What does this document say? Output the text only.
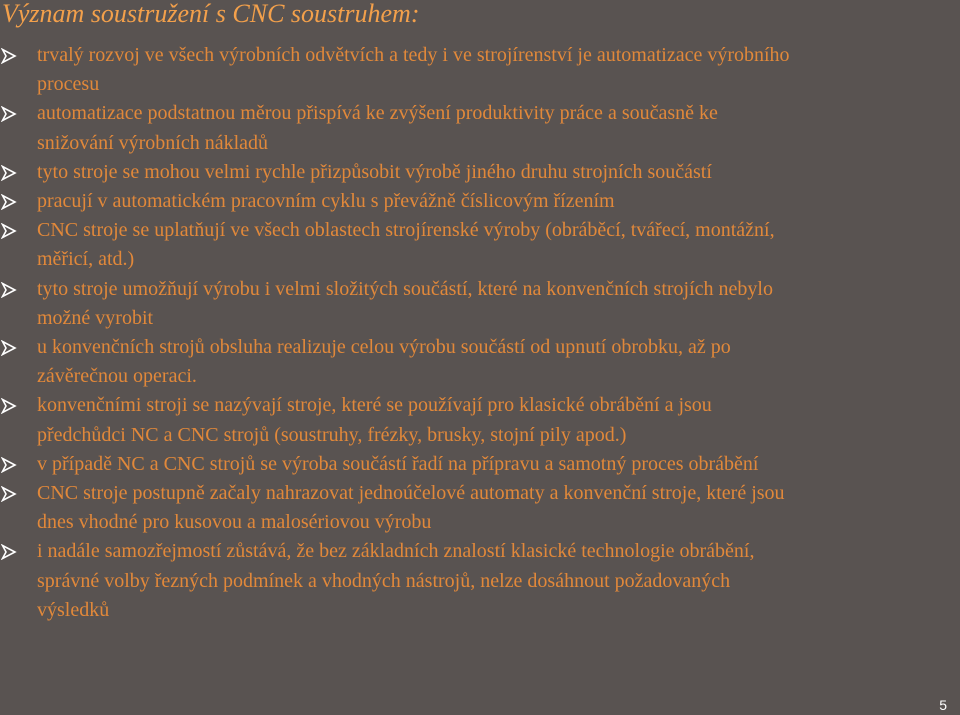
Význam soustružení s CNC soustruhem:
trvalý rozvoj ve všech výrobních odvětvích a tedy i ve strojírenství je automatizace výrobního
procesu
automatizace podstatnou měrou přispívá ke zvýšení produktivity práce a současně ke
snižování výrobních nákladů
tyto stroje se mohou velmi rychle přizpůsobit výrobě jiného druhu strojních součástí
pracují v automatickém pracovním cyklu s převážně číslicovým řízením
CNC stroje se uplatňují ve všech oblastech strojírenské výroby (obráběcí, tvářecí, montážní,
měřicí, atd.)
tyto stroje umožňují výrobu i velmi složitých součástí, které na konvenčních strojích nebylo
možné vyrobit
u konvenčních strojů obsluha realizuje celou výrobu součástí od upnutí obrobku, až po
závěrečnou operaci.
konvenčními stroji se nazývají stroje, které se používají pro klasické obrábění a jsou
předchůdci NC a CNC strojů (soustruhy, frézky, brusky, stojní pily apod.)
v případě NC a CNC strojů se výroba součástí řadí na přípravu a samotný proces obrábění
CNC stroje postupně začaly nahrazovat jednoúčelové automaty a konvenční stroje, které jsou
dnes vhodné pro kusovou a malosériovou výrobu
i nadále samozřejmostí zůstává, že bez základních znalostí klasické technologie obrábění,
správné volby řezných podmínek a vhodných nástrojů, nelze dosáhnout požadovaných
výsledků
5
